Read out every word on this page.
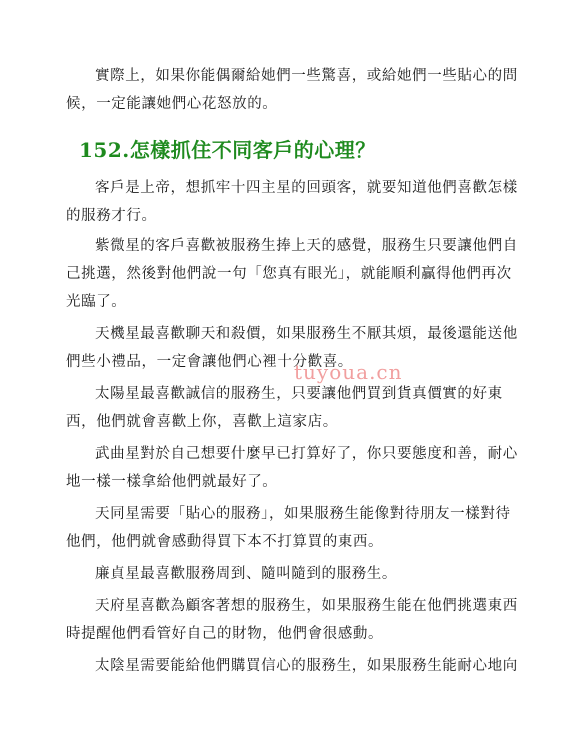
實際上，如果你能偶爾給她們一些驚喜，或給她們一些貼心的問候，一定能讓她們心花怒放的。

152.怎樣抓住不同客戶的心理？

客戶是上帝，想抓牢十四主星的回頭客，就要知道他們喜歡怎樣的服務才行。

紫微星的客戶喜歡被服務生捧上天的感覺，服務生只要讓他們自己挑選，然後對他們說一句「您真有眼光」，就能順利贏得他們再次光臨了。

天機星最喜歡聊天和殺價，如果服務生不厭其煩，最後還能送他們些小禮品，一定會讓他們心裡十分歡喜。

太陽星最喜歡誠信的服務生，只要讓他們買到貨真價實的好東西，他們就會喜歡上你，喜歡上這家店。

武曲星對於自己想要什麼早已打算好了，你只要態度和善，耐心地一樣一樣拿給他們就最好了。

天同星需要「貼心的服務」，如果服務生能像對待朋友一樣對待他們，他們就會感動得買下本不打算買的東西。

廉貞星最喜歡服務周到、隨叫隨到的服務生。

天府星喜歡為顧客著想的服務生，如果服務生能在他們挑選東西時提醒他們看管好自己的財物，他們會很感動。

太陰星需要能給他們購買信心的服務生，如果服務生能耐心地向

tuyoua.cn
